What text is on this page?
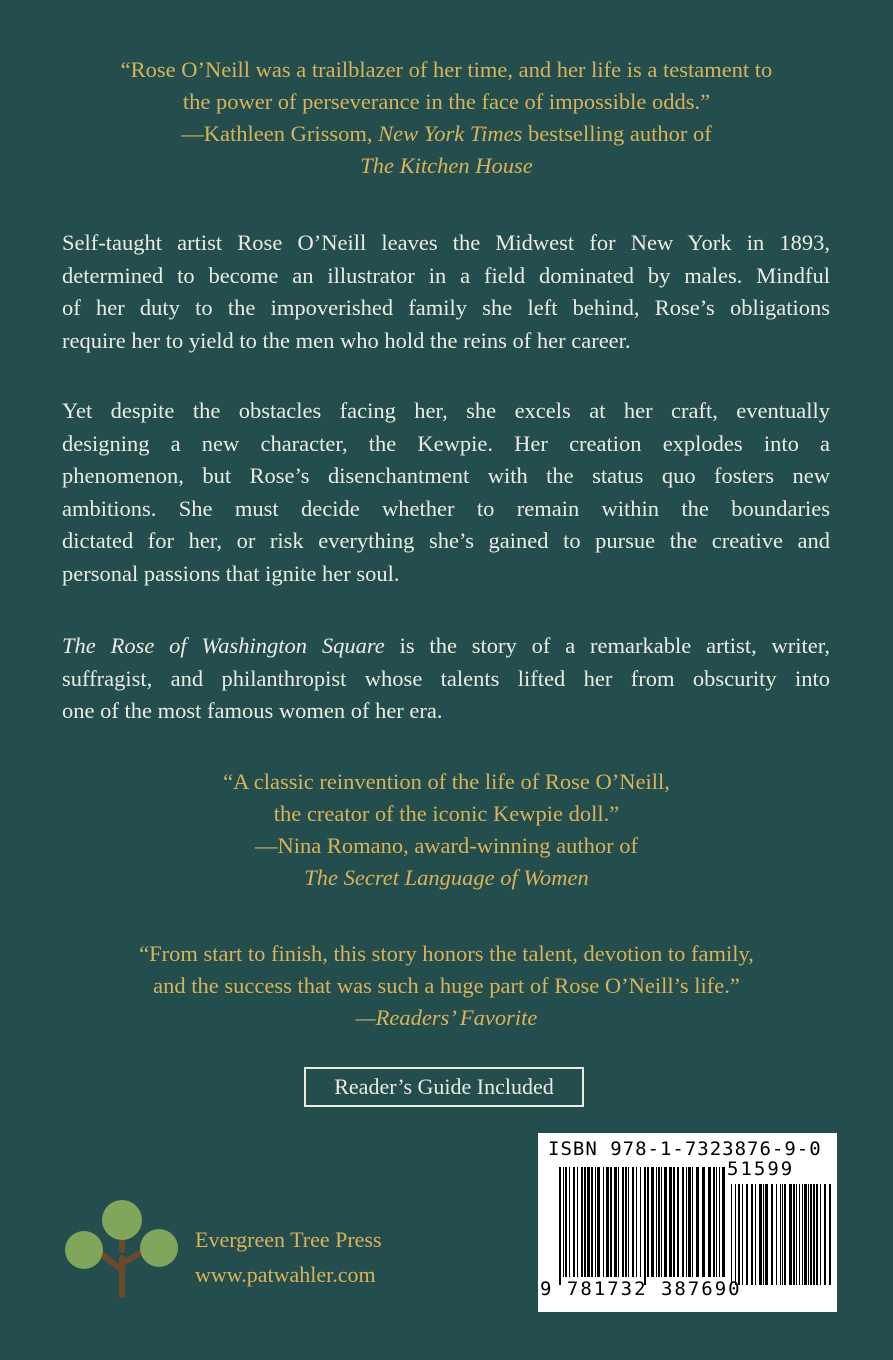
“Rose O’Neill was a trailblazer of her time, and her life is a testament to
the power of perseverance in the face of impossible odds.”
—Kathleen Grissom, New York Times bestselling author of
The Kitchen House
Self-taught artist Rose O’Neill leaves the Midwest for New York in 1893,
determined to become an illustrator in a field dominated by males. Mindful
of her duty to the impoverished family she left behind, Rose’s obligations
require her to yield to the men who hold the reins of her career.
Yet despite the obstacles facing her, she excels at her craft, eventually
designing a new character, the Kewpie. Her creation explodes into a
phenomenon, but Rose’s disenchantment with the status quo fosters new
ambitions. She must decide whether to remain within the boundaries
dictated for her, or risk everything she’s gained to pursue the creative and
personal passions that ignite her soul.
The Rose of Washington Square is the story of a remarkable artist, writer,
suffragist, and philanthropist whose talents lifted her from obscurity into
one of the most famous women of her era.
“A classic reinvention of the life of Rose O’Neill,
the creator of the iconic Kewpie doll.”
—Nina Romano, award-winning author of
The Secret Language of Women
“From start to finish, this story honors the talent, devotion to family,
and the success that was such a huge part of Rose O’Neill’s life.”
—Readers’ Favorite
Reader’s Guide Included
Evergreen Tree Press
www.patwahler.com
ISBN 978-1-7323876-9-0
51599
9 781732 387690
